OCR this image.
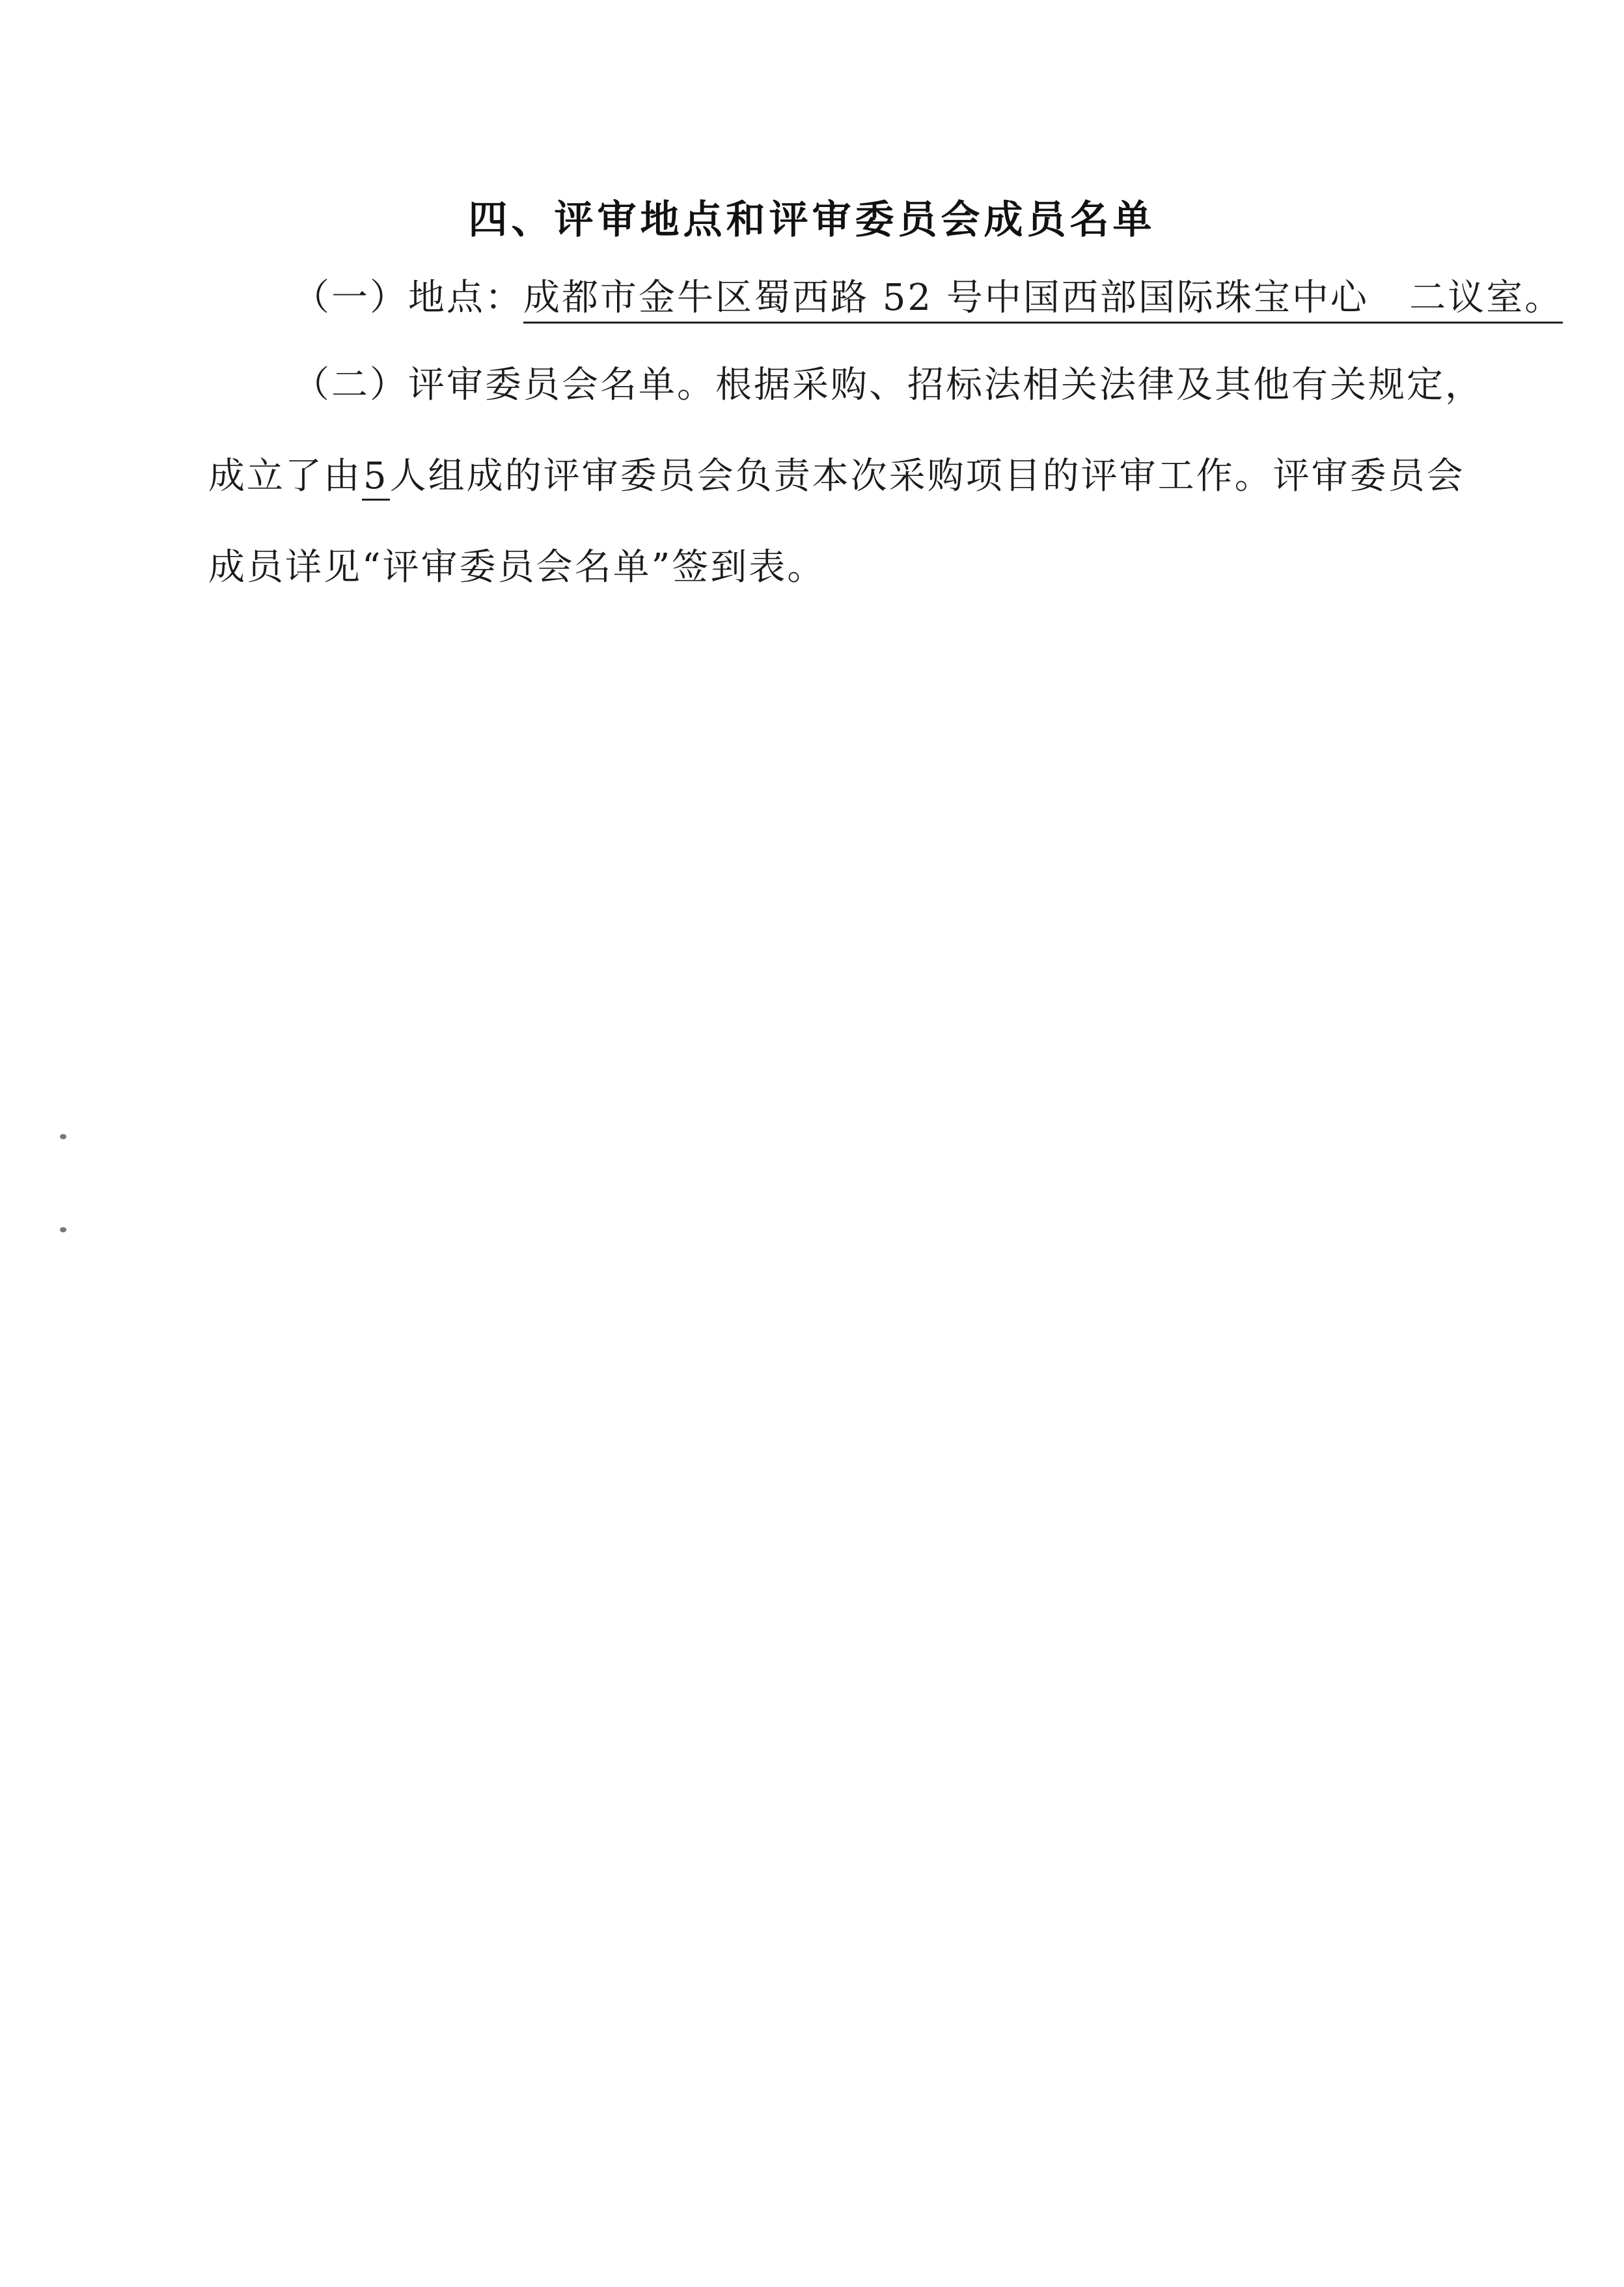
四、评审地点和评审委员会成员名单
（一）地点：成都市金牛区蜀西路 52 号中国西部国际珠宝中心 二议室。
（二）评审委员会名单。根据采购、招标法相关法律及其他有关规定，
成立了由5人组成的评审委员会负责本次采购项目的评审工作。评审委员会
成员详见“评审委员会名单”签到表。
